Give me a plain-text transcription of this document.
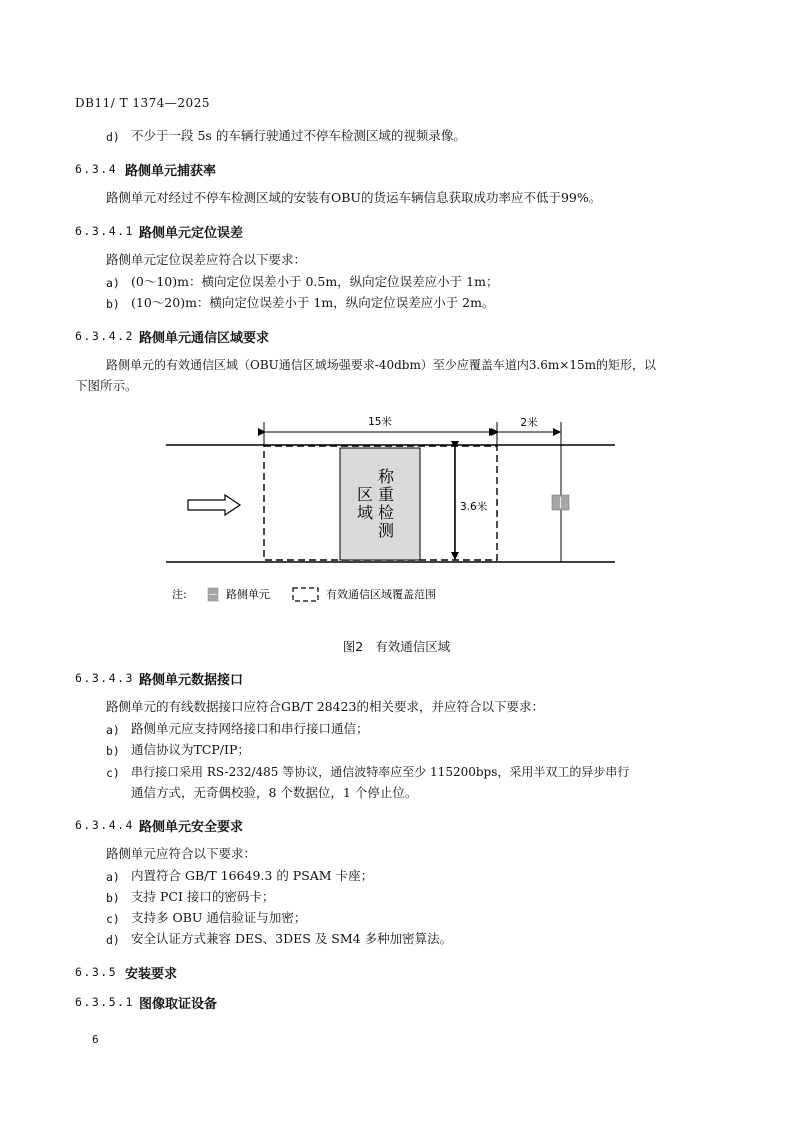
DB11/ T 1374—2025
d) 不少于一段 5s 的车辆行驶通过不停车检测区域的视频录像。
6.3.4 路侧单元捕获率
路侧单元对经过不停车检测区域的安装有OBU的货运车辆信息获取成功率应不低于99%。
6.3.4.1 路侧单元定位误差
路侧单元定位误差应符合以下要求：
a) (0～10)m：横向定位误差小于 0.5m，纵向定位误差应小于 1m；
b) (10～20)m：横向定位误差小于 1m，纵向定位误差应小于 2m。
6.3.4.2 路侧单元通信区域要求
路侧单元的有效通信区域（OBU通信区域场强要求-40dbm）至少应覆盖车道内3.6m×15m的矩形，以
下图所示。
15米	2米
称重检测
区域	3.6米
注:	路侧单元	有效通信区域覆盖范围
图2 有效通信区域
6.3.4.3 路侧单元数据接口
路侧单元的有线数据接口应符合GB/T 28423的相关要求，并应符合以下要求：
a) 路侧单元应支持网络接口和串行接口通信；
b) 通信协议为TCP/IP；
c) 串行接口采用 RS-232/485 等协议，通信波特率应至少 115200bps，采用半双工的异步串行
通信方式，无奇偶校验，8 个数据位，1 个停止位。
6.3.4.4 路侧单元安全要求
路侧单元应符合以下要求：
a) 内置符合 GB/T 16649.3 的 PSAM 卡座；
b) 支持 PCI 接口的密码卡；
c) 支持多 OBU 通信验证与加密；
d) 安全认证方式兼容 DES、3DES 及 SM4 多种加密算法。
6.3.5 安装要求
6.3.5.1 图像取证设备
6
